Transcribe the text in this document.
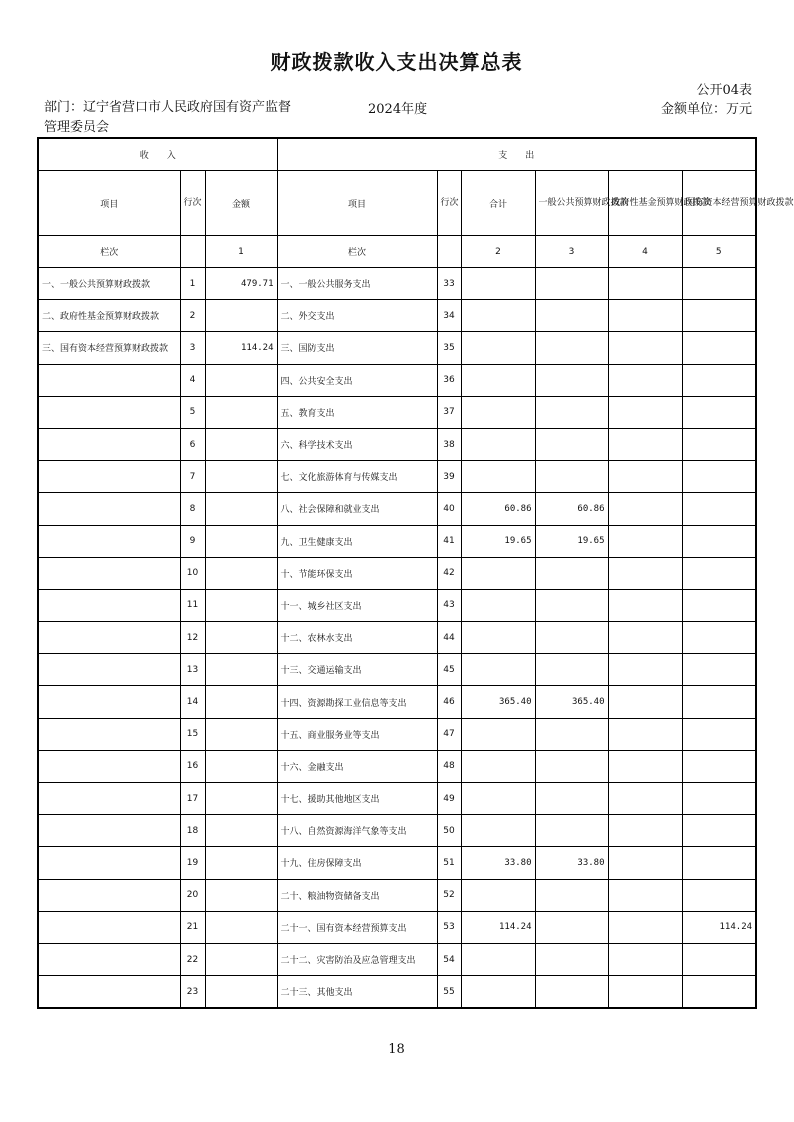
财政拨款收入支出决算总表
公开04表
部门：辽宁省营口市人民政府国有资产监督管理委员会
2024年度	金额单位：万元
收　　入			支　　出					
项目	行次	金额	项目	行次	合计	一般公共预算财政拨款	政府性基金预算财政拨款	国有资本经营预算财政拨款
栏次		1	栏次		2	3	4	5
一、一般公共预算财政拨款	1	479.71	一、一般公共服务支出	33				
二、政府性基金预算财政拨款	2		二、外交支出	34				
三、国有资本经营预算财政拨款	3	114.24	三、国防支出	35				
	4		四、公共安全支出	36				
	5		五、教育支出	37				
	6		六、科学技术支出	38				
	7		七、文化旅游体育与传媒支出	39				
	8		八、社会保障和就业支出	40	60.86	60.86		
	9		九、卫生健康支出	41	19.65	19.65		
	10		十、节能环保支出	42				
	11		十一、城乡社区支出	43				
	12		十二、农林水支出	44				
	13		十三、交通运输支出	45				
	14		十四、资源勘探工业信息等支出	46	365.40	365.40		
	15		十五、商业服务业等支出	47				
	16		十六、金融支出	48				
	17		十七、援助其他地区支出	49				
	18		十八、自然资源海洋气象等支出	50				
	19		十九、住房保障支出	51	33.80	33.80		
	20		二十、粮油物资储备支出	52				
	21		二十一、国有资本经营预算支出	53	114.24			114.24
	22		二十二、灾害防治及应急管理支出	54				
	23		二十三、其他支出	55				
18
